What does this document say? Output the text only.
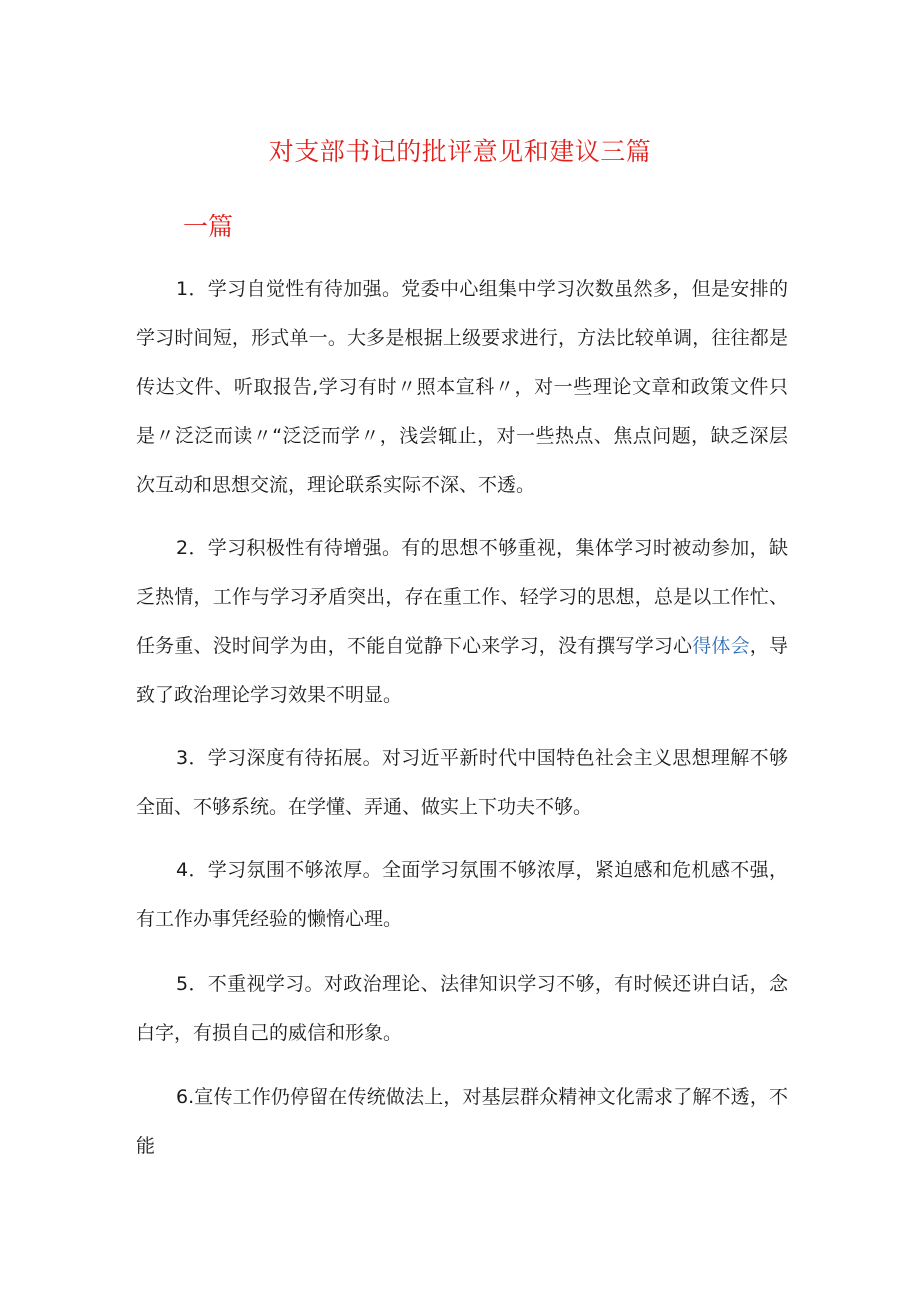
对支部书记的批评意见和建议三篇
一篇

1．学习自觉性有待加强。党委中心组集中学习次数虽然多，但是安排的学习时间短，形式单一。大多是根据上级要求进行，方法比较单调，往往都是传达文件、听取报告,学习有时〃照本宣科〃，对一些理论文章和政策文件只是〃泛泛而读〃“泛泛而学〃，浅尝辄止，对一些热点、焦点问题，缺乏深层次互动和思想交流，理论联系实际不深、不透。

2．学习积极性有待增强。有的思想不够重视，集体学习时被动参加，缺乏热情，工作与学习矛盾突出，存在重工作、轻学习的思想，总是以工作忙、任务重、没时间学为由，不能自觉静下心来学习，没有撰写学习心得体会，导致了政治理论学习效果不明显。

3．学习深度有待拓展。对习近平新时代中国特色社会主义思想理解不够全面、不够系统。在学懂、弄通、做实上下功夫不够。

4．学习氛围不够浓厚。全面学习氛围不够浓厚，紧迫感和危机感不强，有工作办事凭经验的懒惰心理。

5．不重视学习。对政治理论、法律知识学习不够，有时候还讲白话，念白字，有损自己的威信和形象。

6.宣传工作仍停留在传统做法上，对基层群众精神文化需求了解不透，不能
